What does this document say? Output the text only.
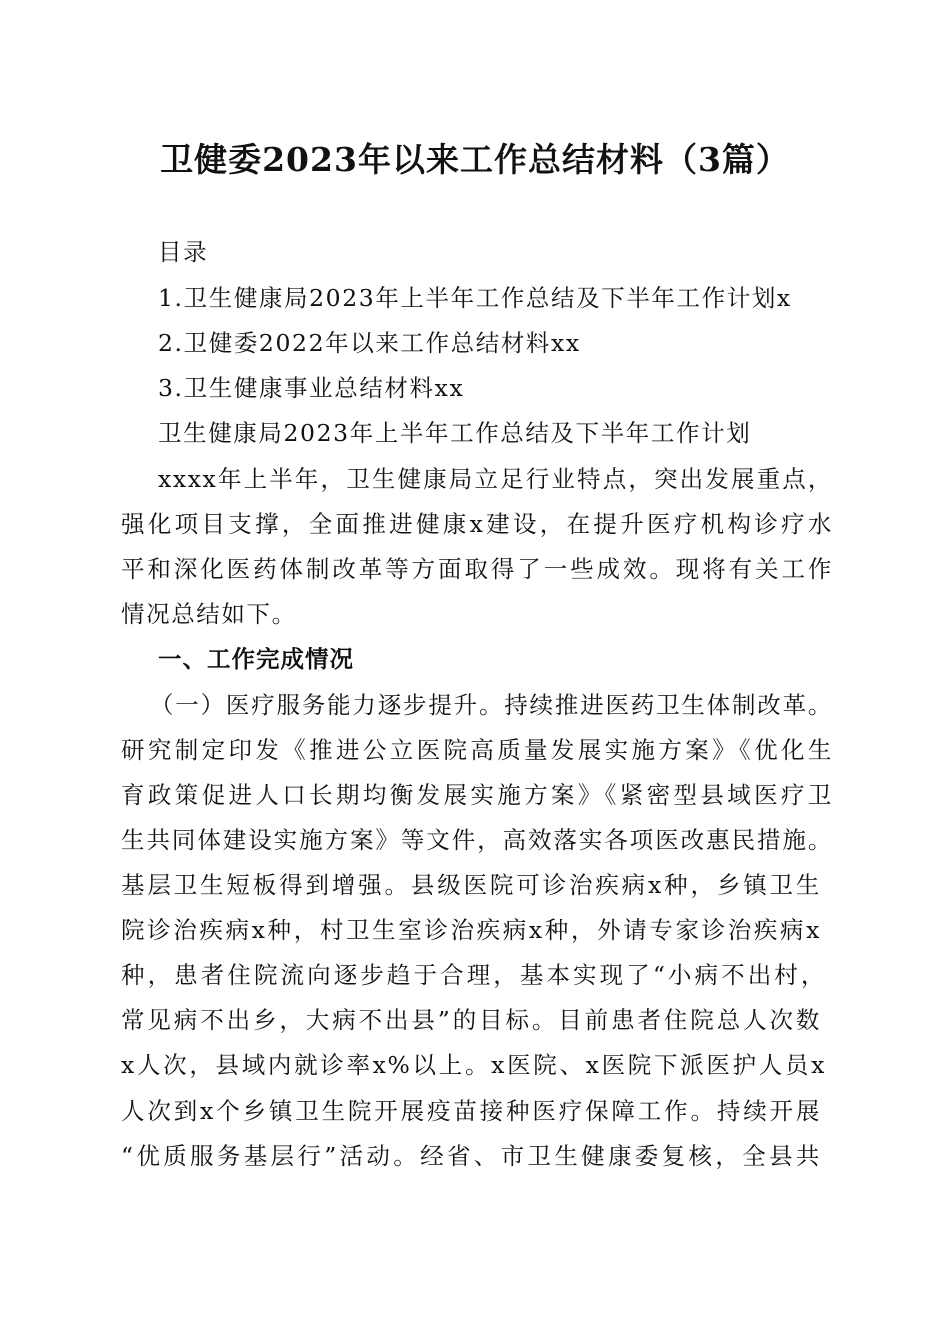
卫健委2023年以来工作总结材料（3篇）

目录

1.卫生健康局2023年上半年工作总结及下半年工作计划x

2.卫健委2022年以来工作总结材料xx

3.卫生健康事业总结材料xx

卫生健康局2023年上半年工作总结及下半年工作计划

xxxx年上半年，卫生健康局立足行业特点，突出发展重点，

强化项目支撑，全面推进健康x建设，在提升医疗机构诊疗水

平和深化医药体制改革等方面取得了一些成效。现将有关工作

情况总结如下。

一、工作完成情况

（一）医疗服务能力逐步提升。持续推进医药卫生体制改革。

研究制定印发《推进公立医院高质量发展实施方案》《优化生

育政策促进人口长期均衡发展实施方案》《紧密型县域医疗卫

生共同体建设实施方案》等文件，高效落实各项医改惠民措施。

基层卫生短板得到增强。县级医院可诊治疾病x种，乡镇卫生

院诊治疾病x种，村卫生室诊治疾病x种，外请专家诊治疾病x

种，患者住院流向逐步趋于合理，基本实现了“小病不出村，

常见病不出乡，大病不出县”的目标。目前患者住院总人次数

x人次，县域内就诊率x%以上。x医院、x医院下派医护人员x

人次到x个乡镇卫生院开展疫苗接种医疗保障工作。持续开展

“优质服务基层行”活动。经省、市卫生健康委复核，全县共
